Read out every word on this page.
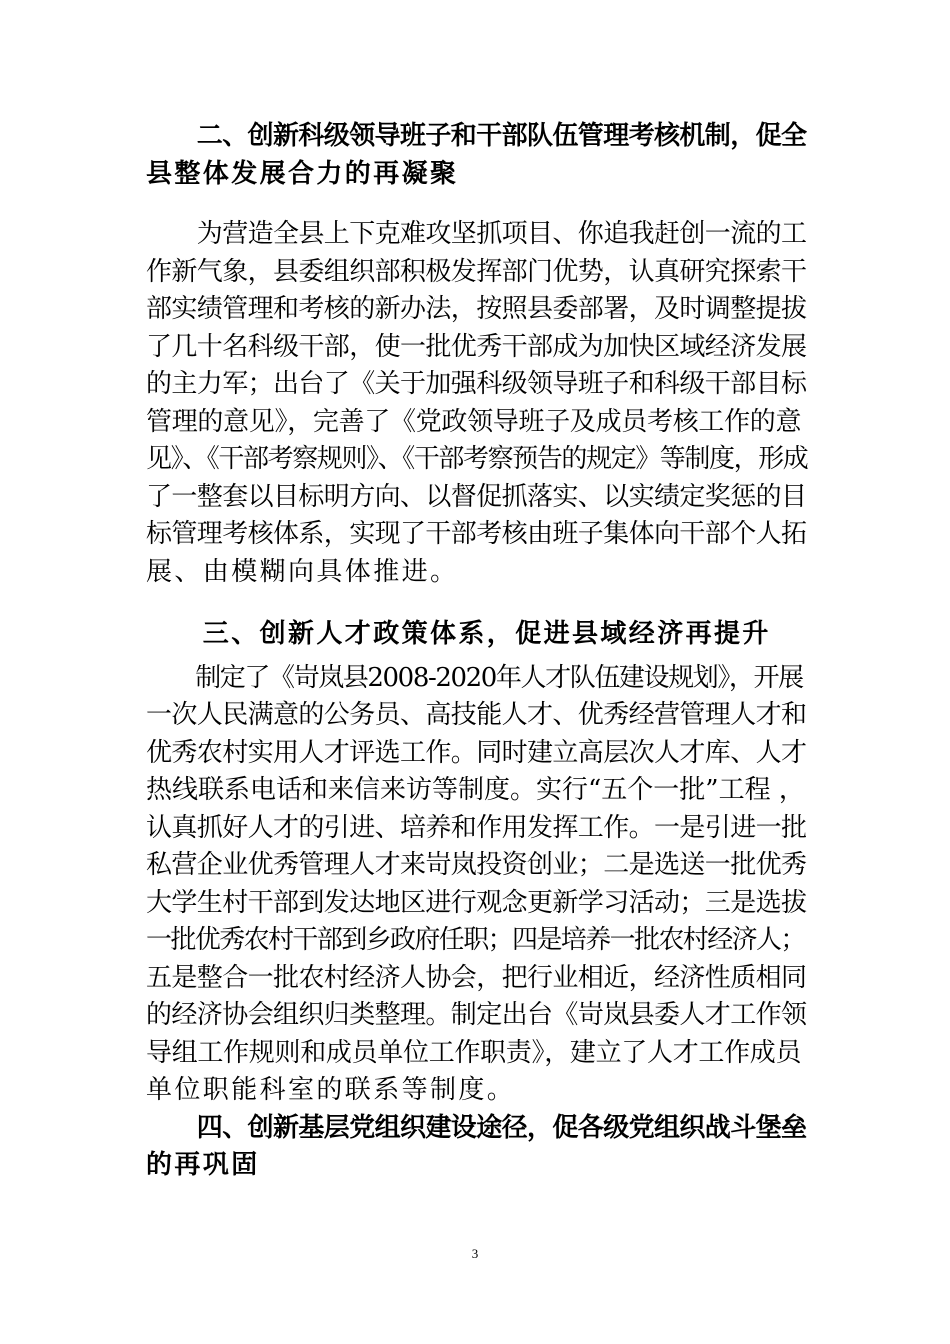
　　二、创新科级领导班子和干部队伍管理考核机制，促全
县整体发展合力的再凝聚
　　为营造全县上下克难攻坚抓项目、你追我赶创一流的工
作新气象，县委组织部积极发挥部门优势，认真研究探索干
部实绩管理和考核的新办法，按照县委部署，及时调整提拔
了几十名科级干部，使一批优秀干部成为加快区域经济发展
的主力军；出台了《关于加强科级领导班子和科级干部目标
管理的意见》，完善了《党政领导班子及成员考核工作的意
见》、《干部考察规则》、《干部考察预告的规定》等制度，形成
了一整套以目标明方向、以督促抓落实、以实绩定奖惩的目
标管理考核体系，实现了干部考核由班子集体向干部个人拓
展、由模糊向具体推进。
　　三、创新人才政策体系，促进县域经济再提升
　　制定了《岢岚县2008-2020年人才队伍建设规划》，开展
一次人民满意的公务员、高技能人才、优秀经营管理人才和
优秀农村实用人才评选工作。同时建立高层次人才库、人才
热线联系电话和来信来访等制度。实行“五个一批”工程 ，
认真抓好人才的引进、培养和作用发挥工作。一是引进一批
私营企业优秀管理人才来岢岚投资创业；二是选送一批优秀
大学生村干部到发达地区进行观念更新学习活动；三是选拔
一批优秀农村干部到乡政府任职；四是培养一批农村经济人；
五是整合一批农村经济人协会，把行业相近，经济性质相同
的经济协会组织归类整理。制定出台《岢岚县委人才工作领
导组工作规则和成员单位工作职责》，建立了人才工作成员
单位职能科室的联系等制度。
　　四、创新基层党组织建设途径，促各级党组织战斗堡垒
的再巩固
3
